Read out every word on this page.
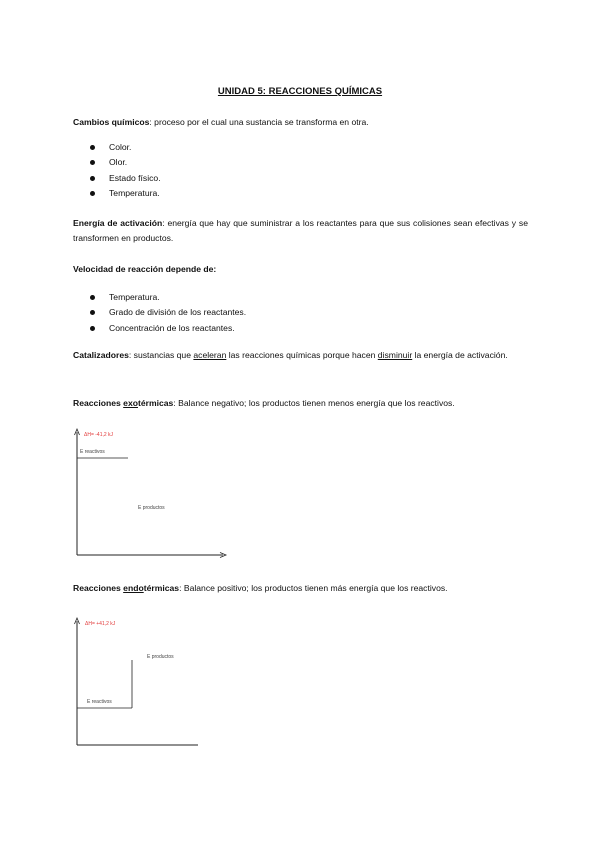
UNIDAD 5: REACCIONES QUÍMICAS
Cambios químicos: proceso por el cual una sustancia se transforma en otra.
Color.
Olor.
Estado físico.
Temperatura.
Energía de activación: energía que hay que suministrar a los reactantes para que sus colisiones sean efectivas y se transformen en productos.
Velocidad de reacción depende de:
Temperatura.
Grado de división de los reactantes.
Concentración de los reactantes.
Catalizadores: sustancias que aceleran las reacciones químicas porque hacen disminuir la energía de activación.
Reacciones exotérmicas: Balance negativo; los productos tienen menos energía que los reactivos.
ΔH= -41,2 kJ
E reactivos
E productos
Reacciones endotérmicas: Balance positivo; los productos tienen más energía que los reactivos.
ΔH= +41,2 kJ
E productos
E reactivos
